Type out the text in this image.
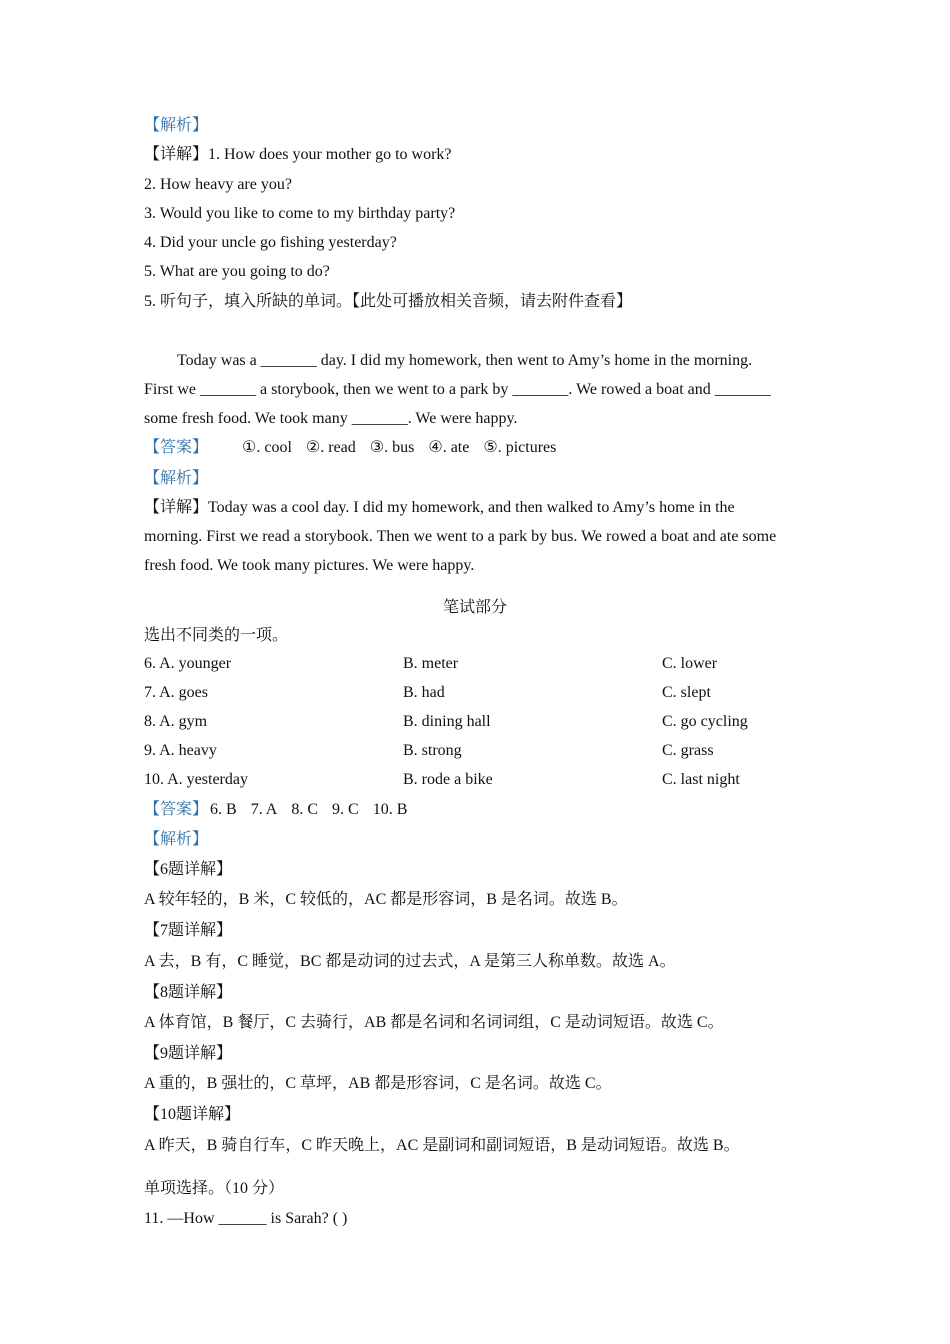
【解析】
【详解】1. How does your mother go to work?
2. How heavy are you?
3. Would you like to come to my birthday party?
4. Did your uncle go fishing yesterday?
5. What are you going to do?
5. 听句子，填入所缺的单词。【此处可播放相关音频，请去附件查看】
Today was a _______ day. I did my homework, then went to Amy’s home in the morning.
First we _______ a storybook, then we went to a park by _______. We rowed a boat and _______
some fresh food. We took many _______. We were happy.
【答案】 ①. cool ②. read ③. bus ④. ate ⑤. pictures
【解析】
【详解】Today was a cool day. I did my homework, and then walked to Amy’s home in the
morning. First we read a storybook. Then we went to a park by bus. We rowed a boat and ate some
fresh food. We took many pictures. We were happy.
笔试部分
选出不同类的一项。
6. A. younger	B. meter	C. lower
7. A. goes	B. had	C. slept
8. A. gym	B. dining hall	C. go cycling
9. A. heavy	B. strong	C. grass
10. A. yesterday	B. rode a bike	C. last night
【答案】 6. B 7. A 8. C 9. C 10. B
【解析】
【6题详解】
A 较年轻的，B 米，C 较低的，AC 都是形容词，B 是名词。故选 B。
【7题详解】
A 去，B 有，C 睡觉，BC 都是动词的过去式，A 是第三人称单数。故选 A。
【8题详解】
A 体育馆，B 餐厅，C 去骑行，AB 都是名词和名词词组，C 是动词短语。故选 C。
【9题详解】
A 重的，B 强壮的，C 草坪，AB 都是形容词，C 是名词。故选 C。
【10题详解】
A 昨天，B 骑自行车，C 昨天晚上，AC 是副词和副词短语，B 是动词短语。故选 B。
单项选择。（10 分）
11. —How ______ is Sarah? ( )
